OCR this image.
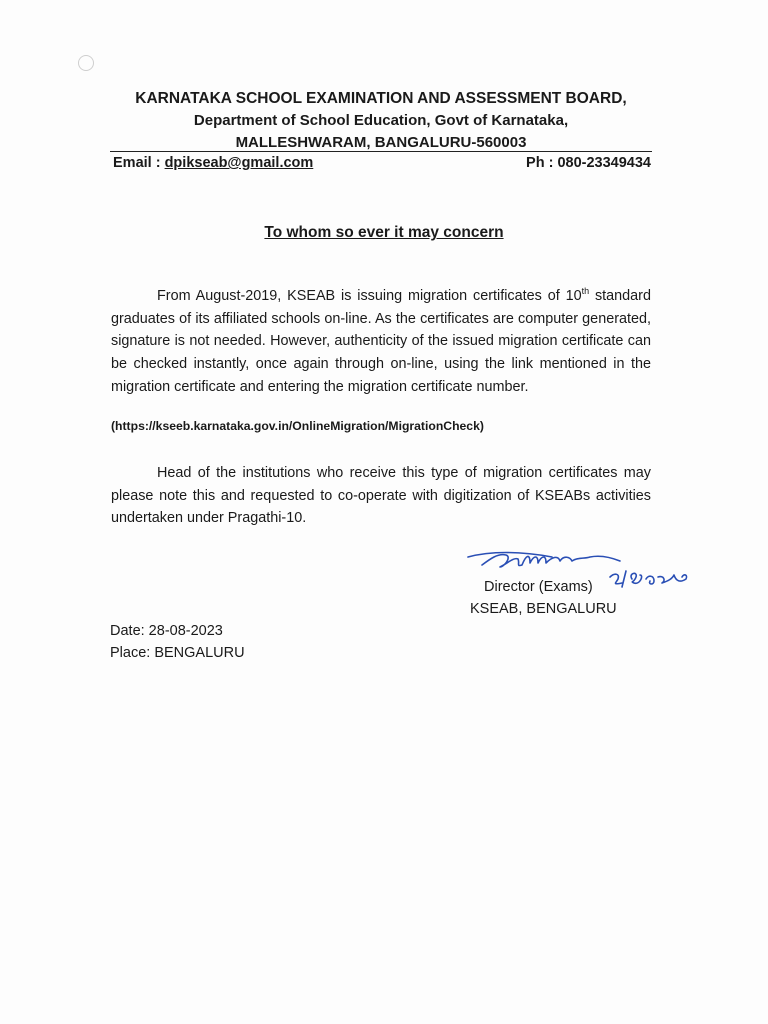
KARNATAKA SCHOOL EXAMINATION AND ASSESSMENT BOARD,
Department of School Education, Govt of Karnataka,
MALLESHWARAM, BANGALURU-560003
Email : dpikseab@gmail.com	Ph : 080-23349434
To whom so ever it may concern
From August-2019, KSEAB is issuing migration certificates of 10th standard graduates of its affiliated schools on-line. As the certificates are computer generated, signature is not needed. However, authenticity of the issued migration certificate can be checked instantly, once again through on-line, using the link mentioned in the migration certificate and entering the migration certificate number.
(https://kseeb.karnataka.gov.in/OnlineMigration/MigrationCheck)
Head of the institutions who receive this type of migration certificates may please note this and requested to co-operate with digitization of KSEABs activities undertaken under Pragathi-10.
Director (Exams)
KSEAB, BENGALURU
Date: 28-08-2023
Place: BENGALURU
